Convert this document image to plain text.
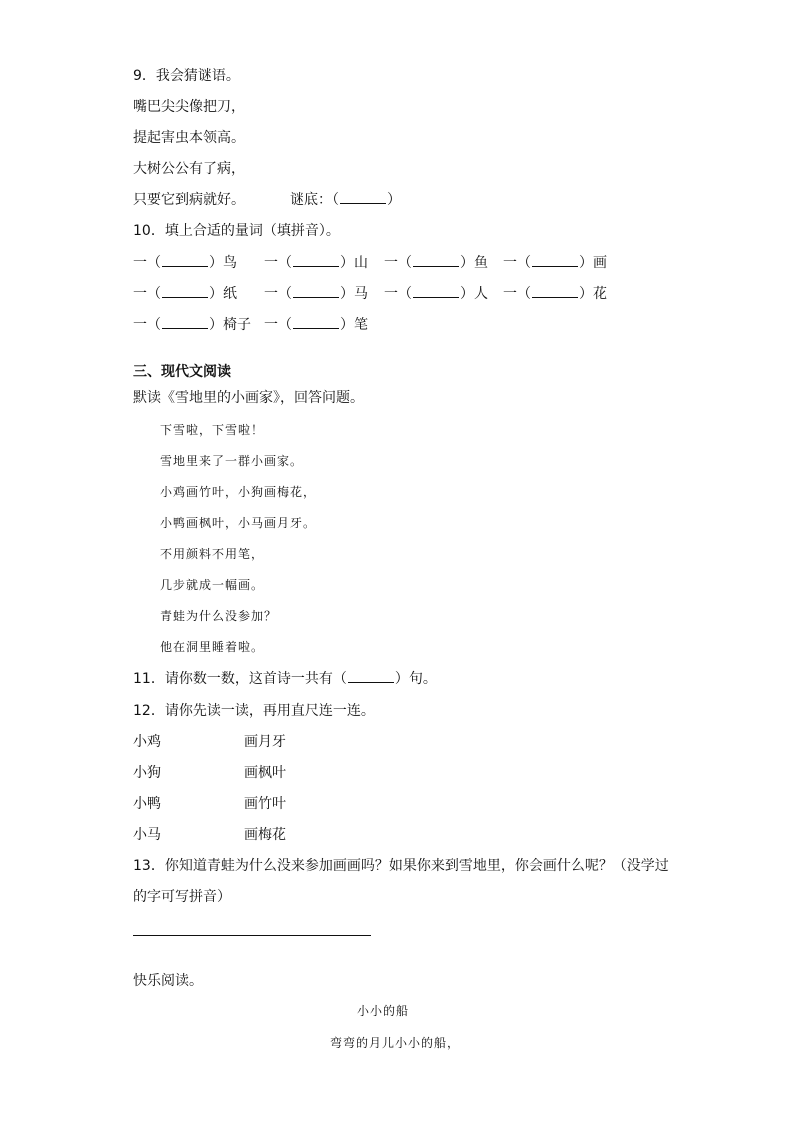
9．我会猜谜语。
嘴巴尖尖像把刀，
提起害虫本领高。
大树公公有了病，
只要它到病就好。	谜底：（	）
10．填上合适的量词（填拼音）。
一（	）鸟 一（	）山 一（	）鱼 一（	）画
一（	）纸 一（	）马 一（	）人 一（	）花
一（	）椅子 一（	）笔
三、现代文阅读
默读《雪地里的小画家》，回答问题。
下雪啦，下雪啦！
雪地里来了一群小画家。
小鸡画竹叶，小狗画梅花，
小鸭画枫叶，小马画月牙。
不用颜料不用笔，
几步就成一幅画。
青蛙为什么没参加？
他在洞里睡着啦。
11．请你数一数，这首诗一共有（	）句。
12．请你先读一读，再用直尺连一连。
小鸡	画月牙
小狗	画枫叶
小鸭	画竹叶
小马	画梅花
13．你知道青蛙为什么没来参加画画吗？如果你来到雪地里，你会画什么呢？（没学过
的字可写拼音）
快乐阅读。
小小的船
弯弯的月儿小小的船，
